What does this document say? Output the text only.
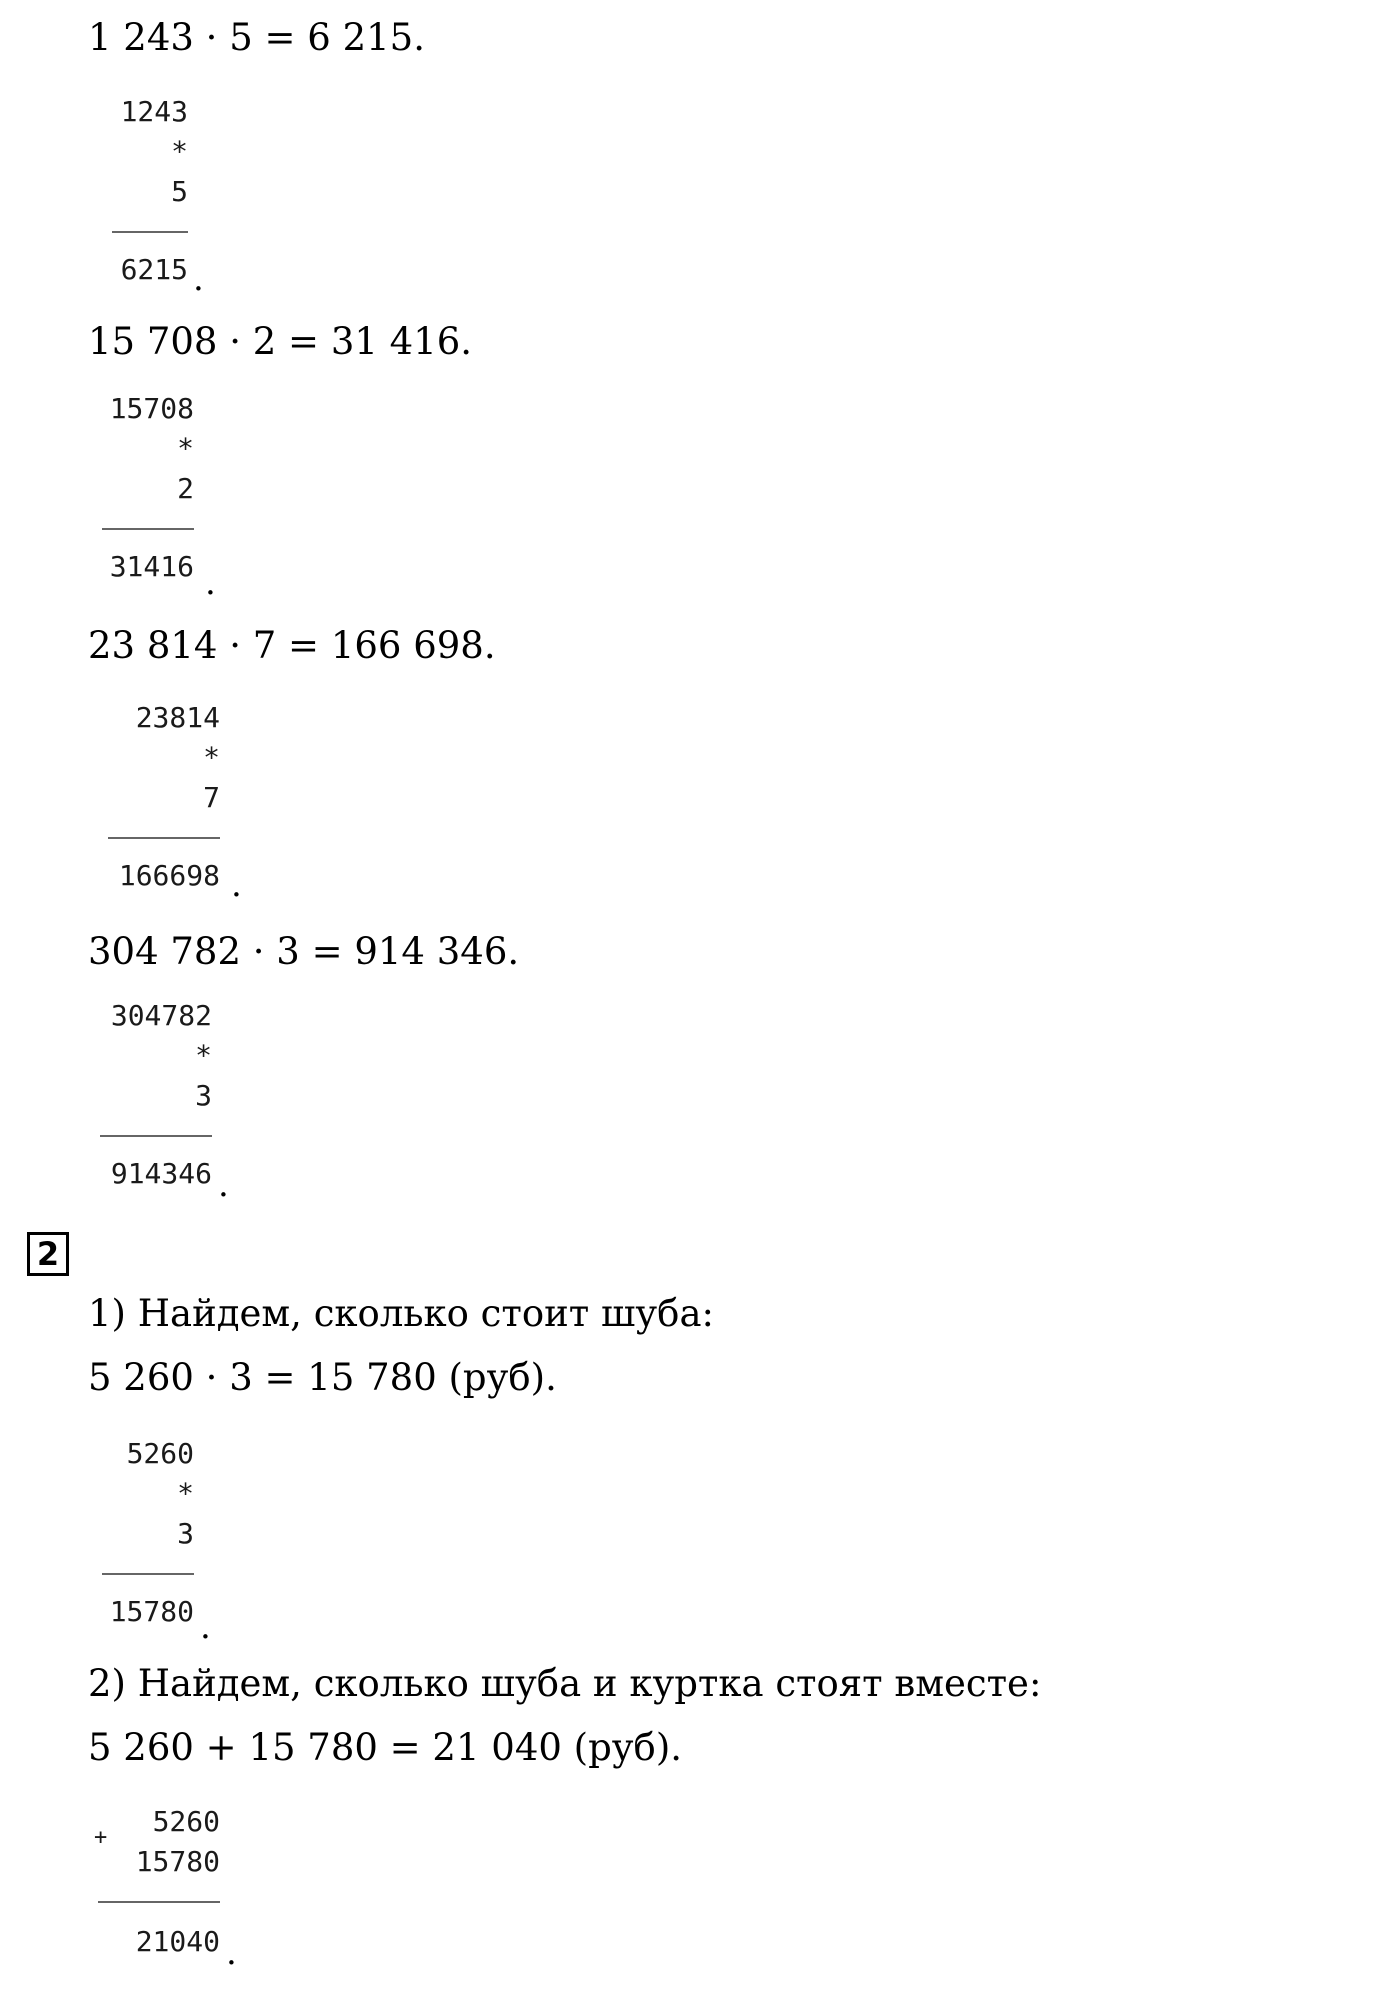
1 243 · 5 = 6 215.
1243
*
5
6215 .
15 708 · 2 = 31 416.
15708
*
2
31416 .
23 814 · 7 = 166 698.
23814
*
7
166698 .
304 782 · 3 = 914 346.
304782
*
3
914346 .
2
1) Найдем, сколько стоит шуба:
5 260 · 3 = 15 780 (руб).
5260
*
3
15780 .
2) Найдем, сколько шуба и куртка стоят вместе:
5 260 + 15 780 = 21 040 (руб).
+ 5260
15780
21040 .
